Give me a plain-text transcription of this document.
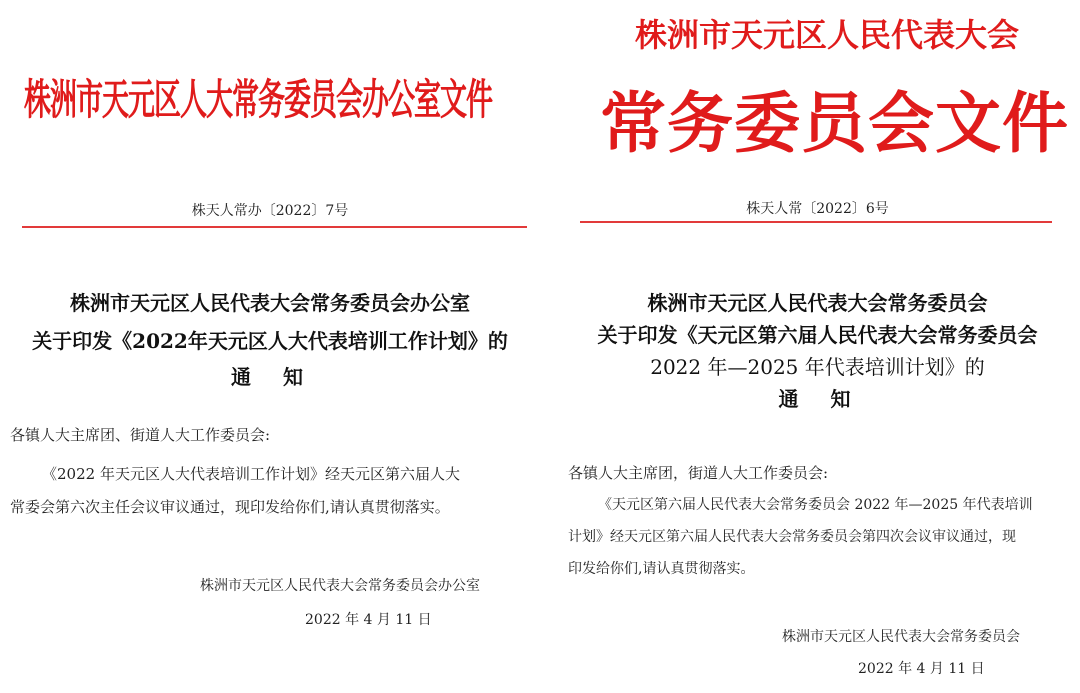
株洲市天元区人大常务委员会办公室文件
株天人常办〔2022〕7号
株洲市天元区人民代表大会常务委员会办公室
关于印发《2022年天元区人大代表培训工作计划》的
通　知
各镇人大主席团、街道人大工作委员会:
《2022 年天元区人大代表培训工作计划》经天元区第六届人大
常委会第六次主任会议审议通过，现印发给你们,请认真贯彻落实。
株洲市天元区人民代表大会常务委员会办公室
2022 年 4 月 11 日
株洲市天元区人民代表大会
常务委员会文件
株天人常〔2022〕6号
株洲市天元区人民代表大会常务委员会
关于印发《天元区第六届人民代表大会常务委员会
2022 年—2025 年代表培训计划》的
通　知
各镇人大主席团，街道人大工作委员会:
《天元区第六届人民代表大会常务委员会 2022 年—2025 年代表培训
计划》经天元区第六届人民代表大会常务委员会第四次会议审议通过，现
印发给你们,请认真贯彻落实。
株洲市天元区人民代表大会常务委员会
2022 年 4 月 11 日
